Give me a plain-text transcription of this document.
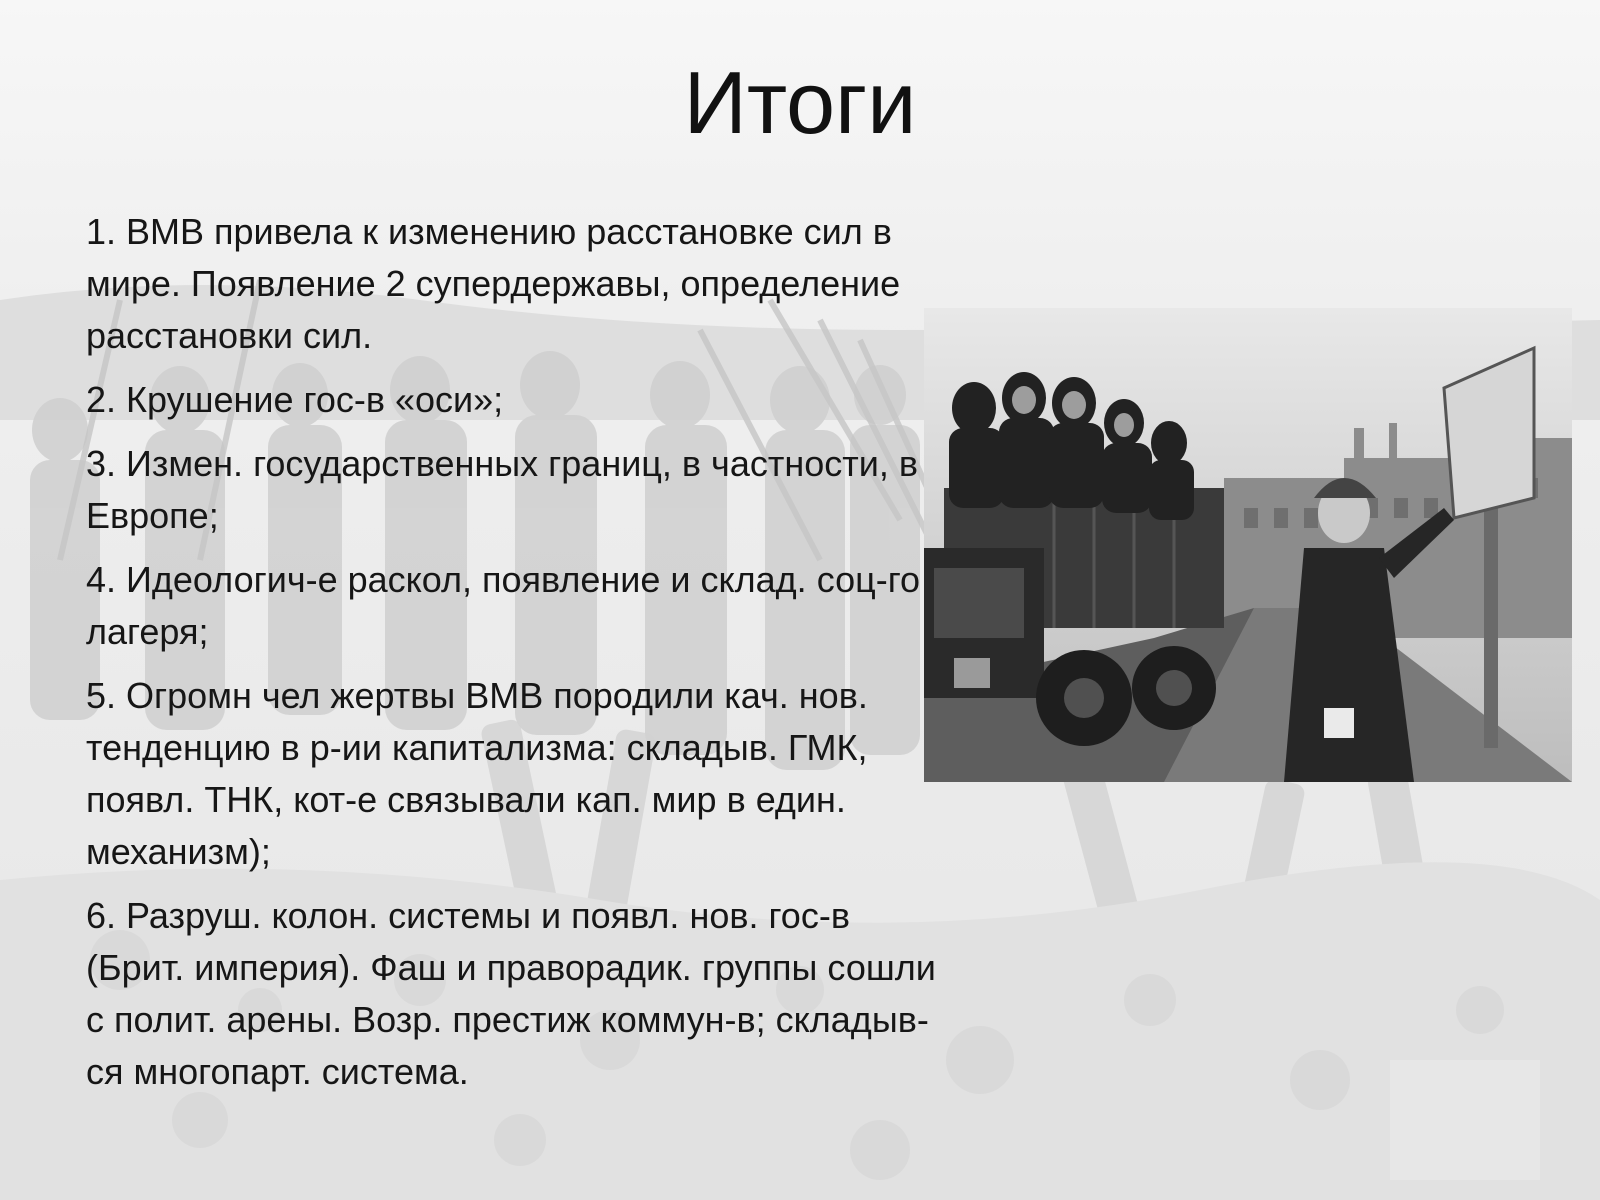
Итоги

1. ВМВ привела к изменению расстановке сил в мире. Появление 2 супердержавы, определение расстановки сил.

2. Крушение гос-в «оси»;

3. Измен. государственных границ, в частности, в Европе;

4. Идеологич-е раскол, появление и склад. соц-го лагеря;

5. Огромн чел жертвы ВМВ породили кач. нов. тенденцию в р-ии капитализма: складыв. ГМК, появл. ТНК, кот-е связывали кап. мир в един. механизм);

6. Разруш. колон. системы и появл. нов. гос-в (Брит. империя). Фаш и праворадик. группы сошли с полит. арены. Возр. престиж коммун-в; складыв-ся многопарт. система.
